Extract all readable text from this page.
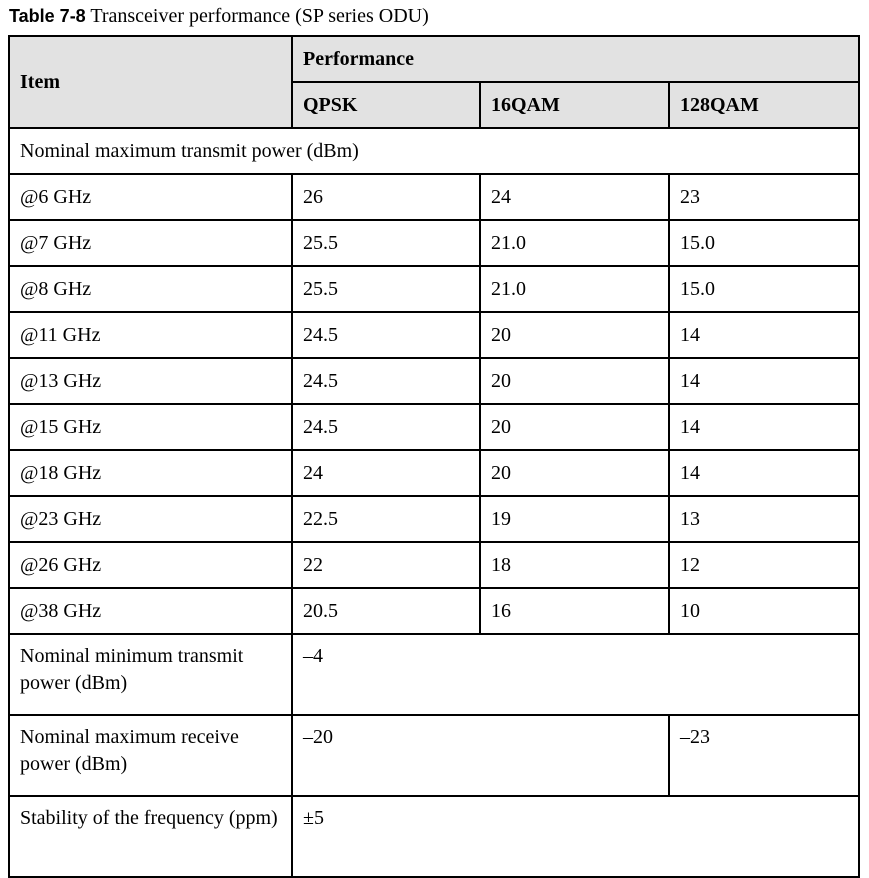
Table 7-8 Transceiver performance (SP series ODU)
Item	Performance		
	QPSK	16QAM	128QAM
Nominal maximum transmit power (dBm)			
@6 GHz	26	24	23
@7 GHz	25.5	21.0	15.0
@8 GHz	25.5	21.0	15.0
@11 GHz	24.5	20	14
@13 GHz	24.5	20	14
@15 GHz	24.5	20	14
@18 GHz	24	20	14
@23 GHz	22.5	19	13
@26 GHz	22	18	12
@38 GHz	20.5	16	10
Nominal minimum transmit power (dBm)	–4		
Nominal maximum receive power (dBm)	–20		–23
Stability of the frequency (ppm)	±5		
